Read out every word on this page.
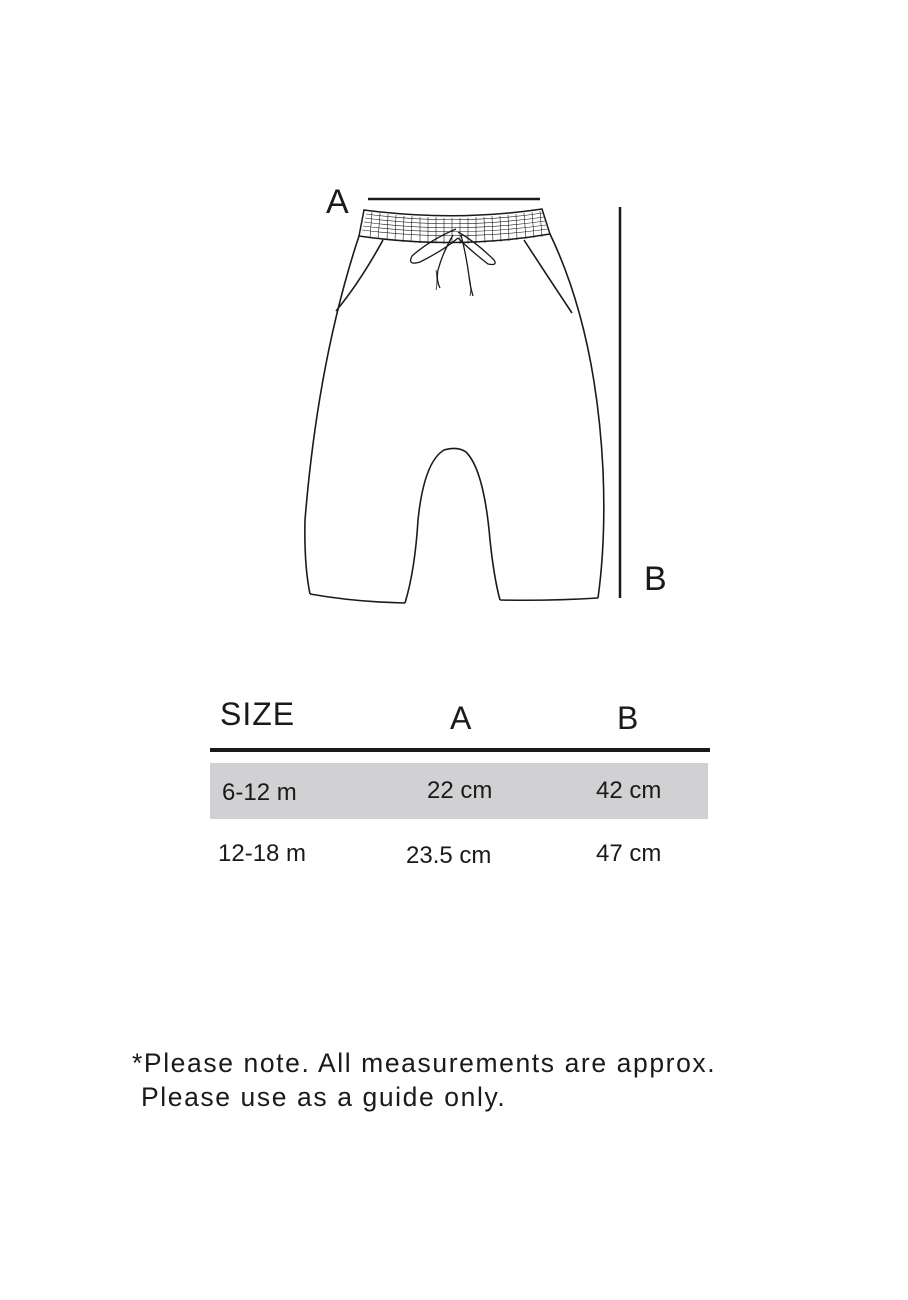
A
B
SIZE	A	B
6-12 m	22 cm	42 cm
12-18 m	23.5 cm	47 cm
*Please note. All measurements are approx.
Please use as a guide only.
